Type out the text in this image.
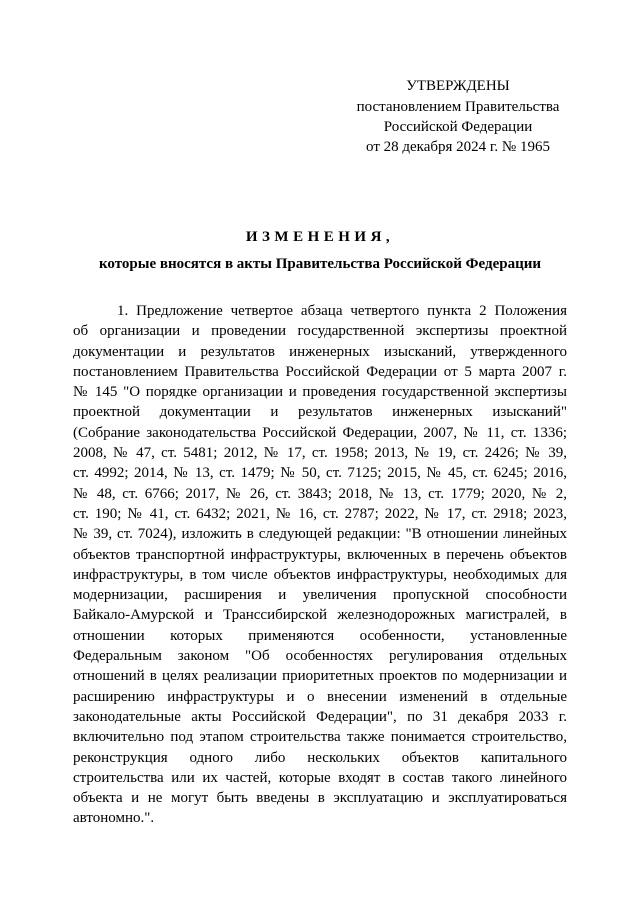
УТВЕРЖДЕНЫ
постановлением Правительства
Российской Федерации
от 28 декабря 2024 г. № 1965
ИЗМЕНЕНИЯ,
которые вносятся в акты Правительства Российской Федерации
1. Предложение четвертое абзаца четвертого пункта 2 Положения
об организации и проведении государственной экспертизы проектной
документации и результатов инженерных изысканий, утвержденного
постановлением Правительства Российской Федерации от 5 марта 2007 г.
№ 145 "О порядке организации и проведения государственной экспертизы
проектной документации и результатов инженерных изысканий"
(Собрание законодательства Российской Федерации, 2007, № 11, ст. 1336;
2008, № 47, ст. 5481; 2012, № 17, ст. 1958; 2013, № 19, ст. 2426; № 39,
ст. 4992; 2014, № 13, ст. 1479; № 50, ст. 7125; 2015, № 45, ст. 6245; 2016,
№ 48, ст. 6766; 2017, № 26, ст. 3843; 2018, № 13, ст. 1779; 2020, № 2,
ст. 190; № 41, ст. 6432; 2021, № 16, ст. 2787; 2022, № 17, ст. 2918; 2023,
№ 39, ст. 7024), изложить в следующей редакции: "В отношении линейных
объектов транспортной инфраструктуры, включенных в перечень объектов
инфраструктуры, в том числе объектов инфраструктуры, необходимых для
модернизации, расширения и увеличения пропускной способности
Байкало-Амурской и Транссибирской железнодорожных магистралей, в
отношении которых применяются особенности, установленные
Федеральным законом "Об особенностях регулирования отдельных
отношений в целях реализации приоритетных проектов по модернизации и
расширению инфраструктуры и о внесении изменений в отдельные
законодательные акты Российской Федерации", по 31 декабря 2033 г.
включительно под этапом строительства также понимается строительство,
реконструкция одного либо нескольких объектов капитального
строительства или их частей, которые входят в состав такого линейного
объекта и не могут быть введены в эксплуатацию и эксплуатироваться
автономно.".
